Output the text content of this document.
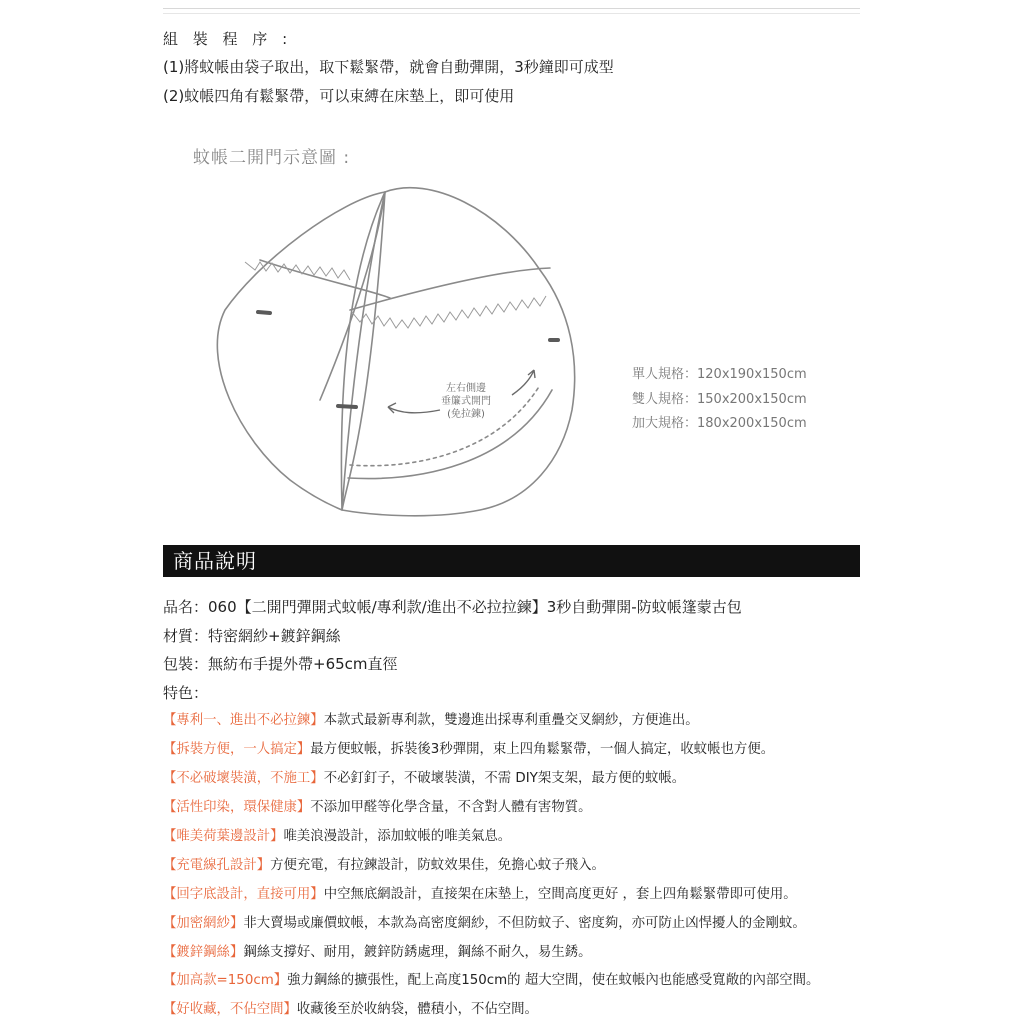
組 裝 程 序 :
(1)將蚊帳由袋子取出，取下鬆緊帶，就會自動彈開，3秒鐘即可成型
(2)蚊帳四角有鬆緊帶，可以束縛在床墊上，即可使用
蚊帳二開門示意圖 :
左右側邊
垂簾式開門
(免拉鍊)
單人規格：120x190x150cm
雙人規格：150x200x150cm
加大規格：180x200x150cm
商品說明
品名：060【二開門彈開式蚊帳/專利款/進出不必拉拉鍊】3秒自動彈開-防蚊帳篷蒙古包
材質：特密網紗+鍍鋅鋼絲
包裝：無紡布手提外帶+65cm直徑
特色：
【專利一、進出不必拉鍊】本款式最新專利款，雙邊進出採專利重疊交叉網紗，方便進出。
【拆裝方便，一人搞定】最方便蚊帳，拆裝後3秒彈開，束上四角鬆緊帶，一個人搞定，收蚊帳也方便。
【不必破壞裝潢，不施工】不必釘釘子，不破壞裝潢，不需 DIY架支架，最方便的蚊帳。
【活性印染，環保健康】不添加甲醛等化學含量，不含對人體有害物質。
【唯美荷葉邊設計】唯美浪漫設計，添加蚊帳的唯美氣息。
【充電線孔設計】方便充電，有拉鍊設計，防蚊效果佳，免擔心蚊子飛入。
【回字底設計，直接可用】中空無底網設計，直接架在床墊上，空間高度更好 ，套上四角鬆緊帶即可使用。
【加密網紗】非大賣場或廉價蚊帳，本款為高密度網紗，不但防蚊子、密度夠，亦可防止凶悍擾人的金剛蚊。
【鍍鋅鋼絲】鋼絲支撐好、耐用，鍍鋅防銹處理，鋼絲不耐久，易生銹。
【加高款=150cm】強力鋼絲的擴張性，配上高度150cm的 超大空間，使在蚊帳內也能感受寬敞的內部空間。
【好收藏，不佔空間】收藏後至於收納袋，體積小，不佔空間。
